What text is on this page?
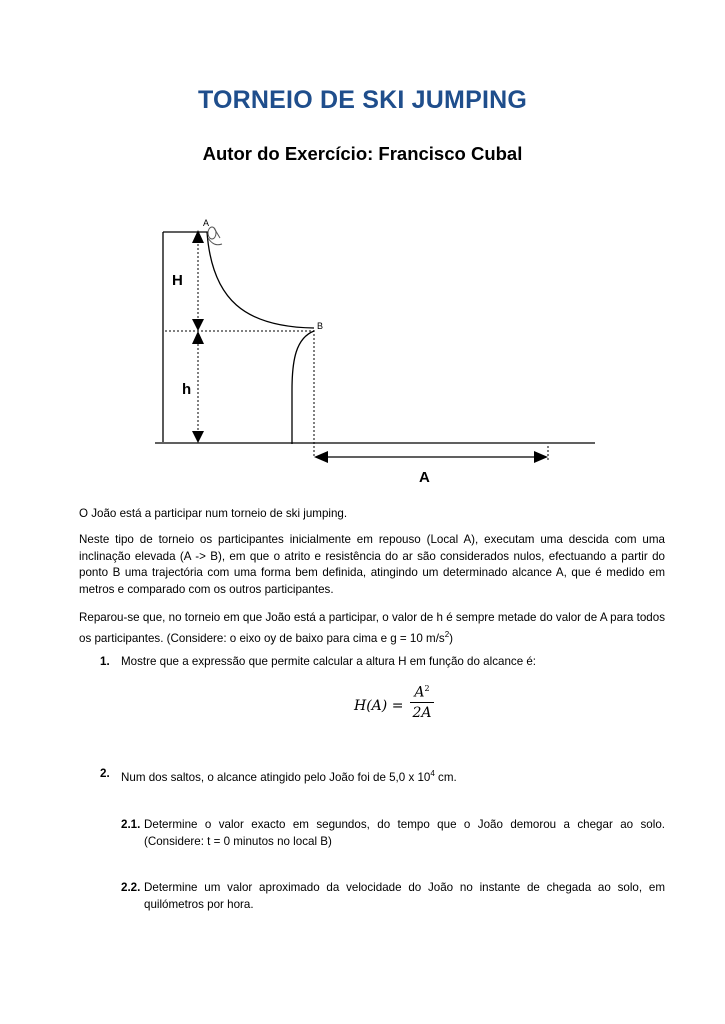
TORNEIO DE SKI JUMPING
Autor do Exercício: Francisco Cubal
A
B
H
h
A
O João está a participar num torneio de ski jumping.
Neste tipo de torneio os participantes inicialmente em repouso (Local A), executam uma descida com uma inclinação elevada (A -> B), em que o atrito e resistência do ar são considerados nulos, efectuando a partir do ponto B uma trajectória com uma forma bem definida, atingindo um determinado alcance A, que é medido em metros e comparado com os outros participantes.
Reparou-se que, no torneio em que João está a participar, o valor de h é sempre metade do valor de A para todos os participantes. (Considere: o eixo oy de baixo para cima e g = 10 $m/s^2$)
1. Mostre que a expressão que permite calcular a altura H em função do alcance é:
H(A) =
$A^2$
2A
2. Num dos saltos, o alcance atingido pelo João foi de 5,0 x $10^4$ cm.
2.1. Determine o valor exacto em segundos, do tempo que o João demorou a chegar ao solo. (Considere: t = 0 minutos no local B)
2.2. Determine um valor aproximado da velocidade do João no instante de chegada ao solo, em quilómetros por hora.
